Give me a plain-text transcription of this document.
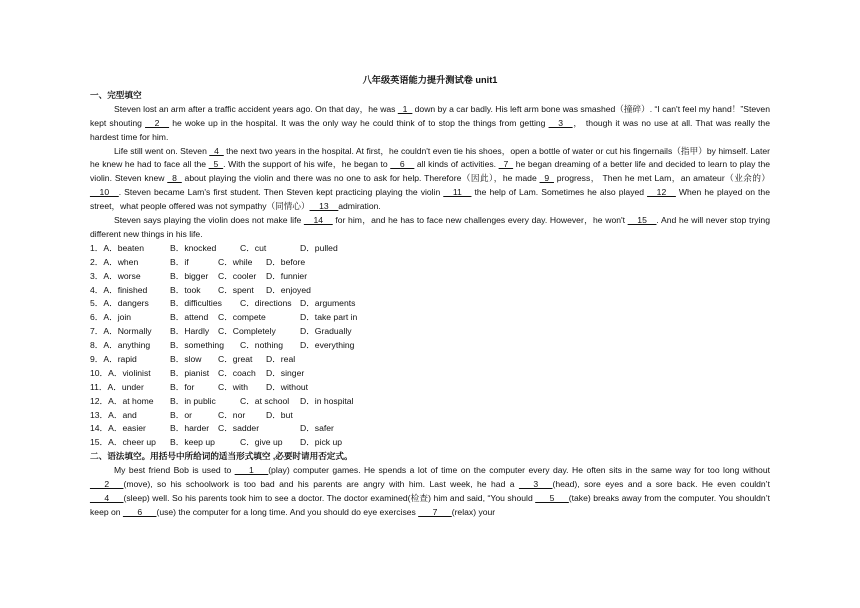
八年级英语能力提升测试卷 unit1
一、完型填空
Steven lost an arm after a traffic accident years ago. On that day，he was _1_ down by a car badly. His left arm bone was smashed（撞碎）. “I can't feel my hand！”Steven kept shouting __2__ he woke up in the hospital. It was the only way he could think of to stop the things from getting __3__， though it was no use at all. That was really the hardest time for him.
Life still went on. Steven _4_ the next two years in the hospital. At first，he couldn't even tie his shoes，open a bottle of water or cut his fingernails（指甲）by himself. Later he knew he had to face all the _5_. With the support of his wife，he began to __6__ all kinds of activities. _7_ he began dreaming of a better life and decided to learn to play the violin. Steven knew _8_ about playing the violin and there was no one to ask for help. Therefore（因此），he made _9_ progress， Then he met Lam，an amateur（业余的）__10__. Steven became Lam's first student. Then Steven kept practicing playing the violin __11__ the help of Lam. Sometimes he also played __12__ When he played on the street，what people offered was not sympathy（同情心）__13__admiration.
Steven says playing the violin does not make life __14__ for him，and he has to face new challenges every day. However，he won't __15__. And he will never stop trying different new things in his life.
1．A．beaten	B．knocked	C．cut	D．pulled
2．A．when	B．if	C．while D．before
3．A．worse	B．bigger C．cooler D．funnier
4．A．finished	B．took C．spent D．enjoyed
5．A．dangers B．difficulties C．directions D．arguments
6．A．join	B．attend C．compete	D．take part in
7．A．Normally B．Hardly C．Completely	D．Gradually
8．A．anything B．something C．nothing D．everything
9．A．rapid	B．slow C．great D．real
10．A．violinist B．pianist C．coach D．singer
11．A．under	B．for	C．with D．without
12．A．at home B．in public	C．at school D．in hospital
13．A．and	B．or	C．nor D．but
14．A．easier	B．harder C．sadder	D．safer
15．A．cheer up B．keep up	C．give up D．pick up
二、语法填空。用括号中所给词的适当形式填空 ,必要时请用否定式。
My best friend Bob is used to ___1___(play) computer games. He spends a lot of time on the computer every day. He often sits in the same way for too long without ___2___(move), so his schoolwork is too bad and his parents are angry with him. Last week, he had a ___3___(head), sore eyes and a sore back. He even couldn’t ___4___(sleep) well. So his parents took him to see a doctor. The doctor examined(检查) him and said, “You should ___5___(take) breaks away from the computer. You shouldn’t keep on ___6___(use) the computer for a long time. And you should do eye exercises ___7___(relax) your
